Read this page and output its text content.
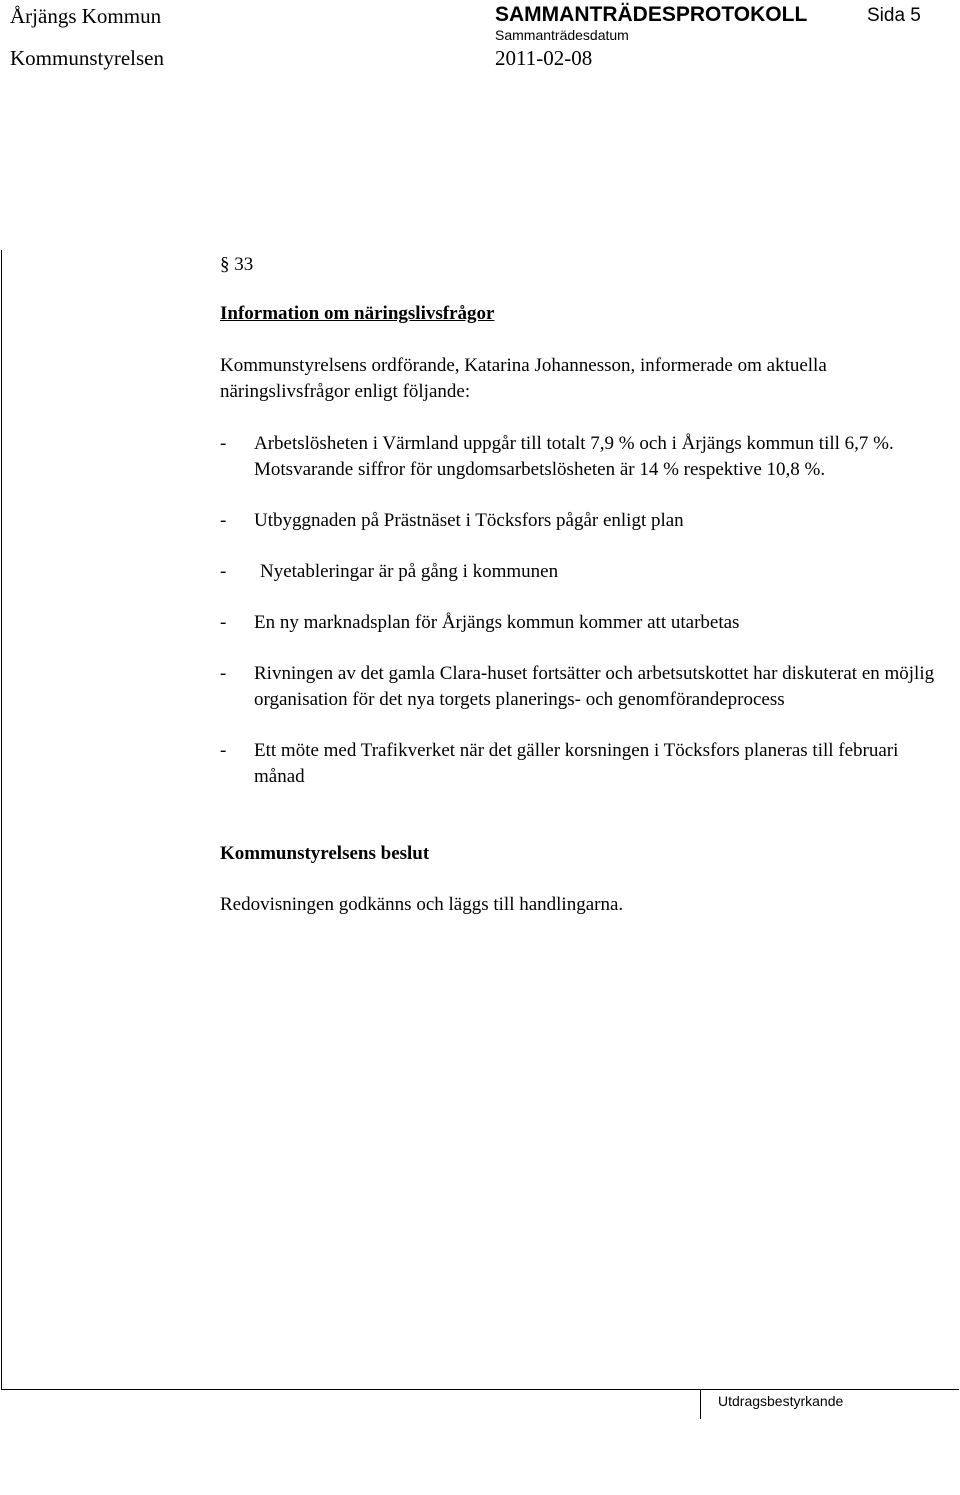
Årjängs Kommun	SAMMANTRÄDESPROTOKOLL	Sida 5
Kommunstyrelsen
Sammanträdesdatum
2011-02-08
Utdragsbestyrkande
§ 33
Information om näringslivsfrågor
Kommunstyrelsens ordförande, Katarina Johannesson, informerade om aktuella näringslivsfrågor enligt följande:
-	Arbetslösheten i Värmland uppgår till totalt 7,9 % och i Årjängs kommun till 6,7 %. Motsvarande siffror för ungdomsarbetslösheten är 14 % respektive 10,8 %.
-	Utbyggnaden på Prästnäset i Töcksfors pågår enligt plan
-	Nyetableringar är på gång i kommunen
-	En ny marknadsplan för Årjängs kommun kommer att utarbetas
-	Rivningen av det gamla Clara-huset fortsätter och arbetsutskottet har diskuterat en möjlig organisation för det nya torgets planerings- och genomförandeprocess
-	Ett möte med Trafikverket när det gäller korsningen i Töcksfors planeras till februari månad
Kommunstyrelsens beslut
Redovisningen godkänns och läggs till handlingarna.
